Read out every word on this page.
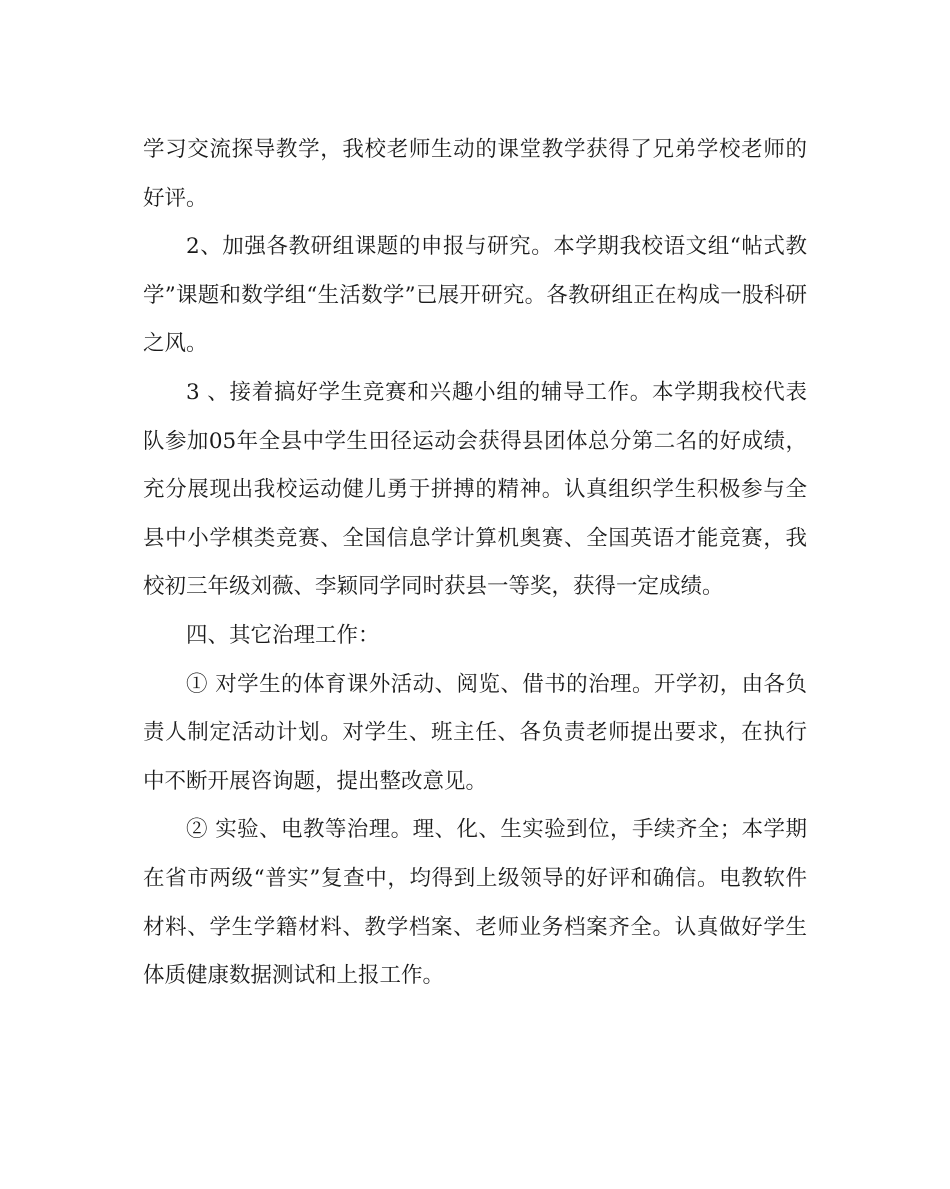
学习交流探导教学，我校老师生动的课堂教学获得了兄弟学校老师的好评。

2、加强各教研组课题的申报与研究。本学期我校语文组“帖式教学”课题和数学组“生活数学”已展开研究。各教研组正在构成一股科研之风。

3 、接着搞好学生竞赛和兴趣小组的辅导工作。本学期我校代表队参加05年全县中学生田径运动会获得县团体总分第二名的好成绩，充分展现出我校运动健儿勇于拼搏的精神。认真组织学生积极参与全县中小学棋类竞赛、全国信息学计算机奥赛、全国英语才能竞赛，我校初三年级刘薇、李颖同学同时获县一等奖，获得一定成绩。

四、其它治理工作：

① 对学生的体育课外活动、阅览、借书的治理。开学初，由各负责人制定活动计划。对学生、班主任、各负责老师提出要求，在执行中不断开展咨询题，提出整改意见。

② 实验、电教等治理。理、化、生实验到位，手续齐全；本学期在省市两级“普实”复查中，均得到上级领导的好评和确信。电教软件材料、学生学籍材料、教学档案、老师业务档案齐全。认真做好学生体质健康数据测试和上报工作。
